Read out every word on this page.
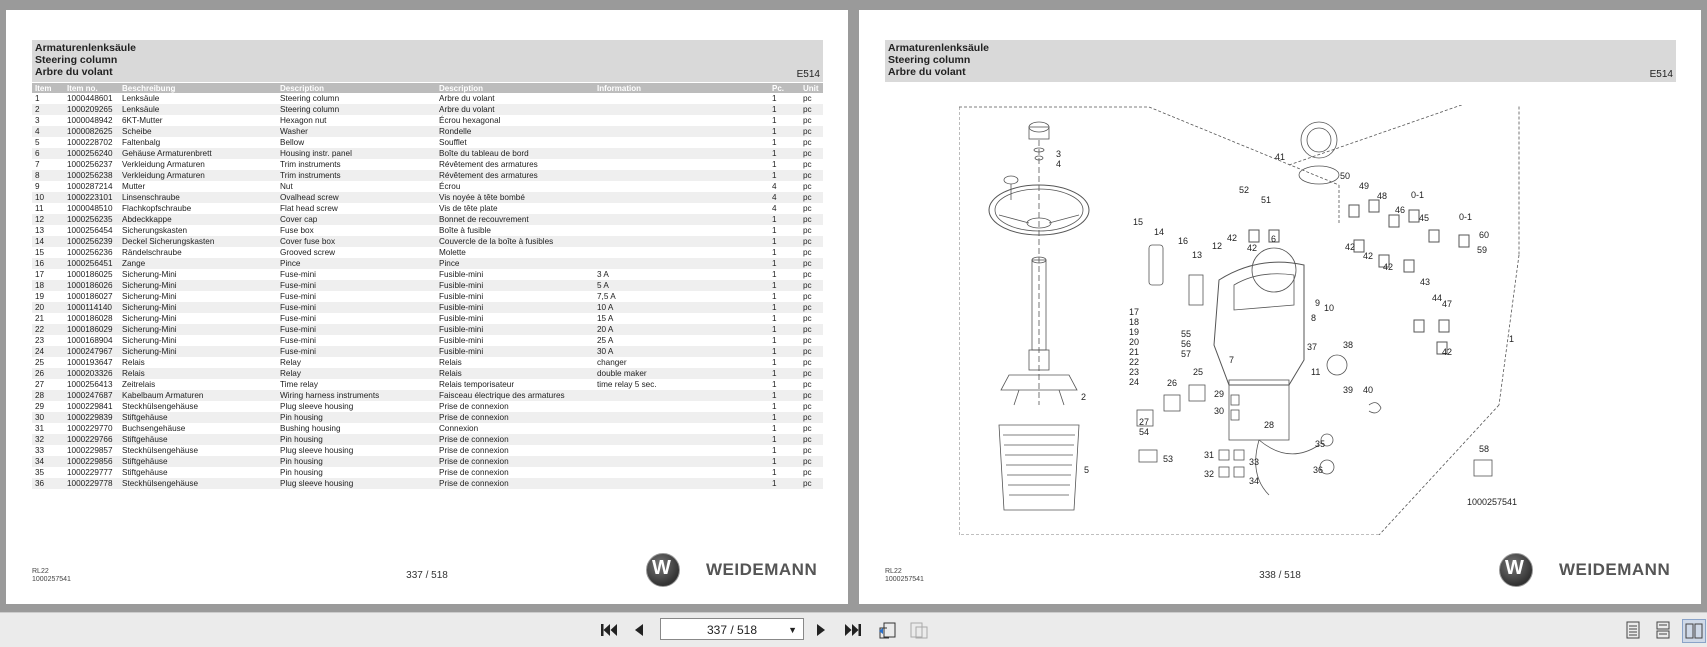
Armaturenlenksäule
Steering column
Arbre du volant	E514
Item	Item no.	Beschreibung	Description	Description	Information	Pc.	Unit
1	1000448601	Lenksäule	Steering column	Arbre du volant		1	pc
2	1000209265	Lenksäule	Steering column	Arbre du volant		1	pc
3	1000048942	6KT-Mutter	Hexagon nut	Écrou hexagonal		1	pc
4	1000082625	Scheibe	Washer	Rondelle		1	pc
5	1000228702	Faltenbalg	Bellow	Soufflet		1	pc
6	1000256240	Gehäuse Armaturenbrett	Housing instr. panel	Boîte du tableau de bord		1	pc
7	1000256237	Verkleidung Armaturen	Trim instruments	Révêtement des armatures		1	pc
8	1000256238	Verkleidung Armaturen	Trim instruments	Révêtement des armatures		1	pc
9	1000287214	Mutter	Nut	Écrou		4	pc
10	1000223101	Linsenschraube	Ovalhead screw	Vis noyée à tête bombé		4	pc
11	1000048510	Flachkopfschraube	Flat head screw	Vis de tête plate		4	pc
12	1000256235	Abdeckkappe	Cover cap	Bonnet de recouvrement		1	pc
13	1000256454	Sicherungskasten	Fuse box	Boîte à fusible		1	pc
14	1000256239	Deckel Sicherungskasten	Cover fuse box	Couvercle de la boîte à fusibles		1	pc
15	1000256236	Rändelschraube	Grooved screw	Molette		1	pc
16	1000256451	Zange	Pince	Pince		1	pc
17	1000186025	Sicherung-Mini	Fuse-mini	Fusible-mini	3 A	1	pc
18	1000186026	Sicherung-Mini	Fuse-mini	Fusible-mini	5 A	1	pc
19	1000186027	Sicherung-Mini	Fuse-mini	Fusible-mini	7,5 A	1	pc
20	1000114140	Sicherung-Mini	Fuse-mini	Fusible-mini	10 A	1	pc
21	1000186028	Sicherung-Mini	Fuse-mini	Fusible-mini	15 A	1	pc
22	1000186029	Sicherung-Mini	Fuse-mini	Fusible-mini	20 A	1	pc
23	1000168904	Sicherung-Mini	Fuse-mini	Fusible-mini	25 A	1	pc
24	1000247967	Sicherung-Mini	Fuse-mini	Fusible-mini	30 A	1	pc
25	1000193647	Relais	Relay	Relais	changer	1	pc
26	1000203326	Relais	Relay	Relais	double maker	1	pc
27	1000256413	Zeitrelais	Time relay	Relais temporisateur	time relay 5 sec.	1	pc
28	1000247687	Kabelbaum Armaturen	Wiring harness instruments	Faisceau électrique des armatures		1	pc
29	1000229841	Steckhülsengehäuse	Plug sleeve housing	Prise de connexion		1	pc
30	1000229839	Stiftgehäuse	Pin housing	Prise de connexion		1	pc
31	1000229770	Buchsengehäuse	Bushing housing	Connexion		1	pc
32	1000229766	Stiftgehäuse	Pin housing	Prise de connexion		1	pc
33	1000229857	Steckhülsengehäuse	Plug sleeve housing	Prise de connexion		1	pc
34	1000229856	Stiftgehäuse	Pin housing	Prise de connexion		1	pc
35	1000229777	Stiftgehäuse	Pin housing	Prise de connexion		1	pc
36	1000229778	Steckhülsengehäuse	Plug sleeve housing	Prise de connexion		1	pc
RL22
1000257541	337 / 518	W WEIDEMANN
Armaturenlenksäule
Steering column
Arbre du volant	E514
3
4
2
5
41
52
51
50
49
48
46
45
60
59
15
14
16
13
12
42
42
6
42
42
42
43
44
47
42
1
17
18
19
20
21
22
23
24
55
56
57
7
37	38
9 10
8
11
39 40
25
26
27
54
29
30
28
35
36
31
33
32
34
53
58
0-1
0-1
1000257541
RL22
1000257541	338 / 518	W WEIDEMANN
337 / 518	▼
